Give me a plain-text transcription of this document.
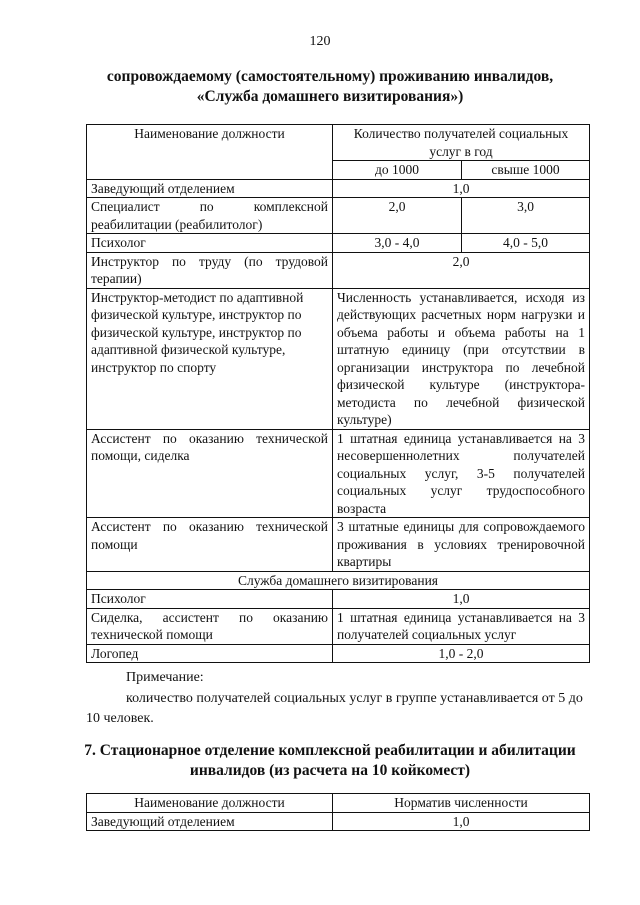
120
сопровождаемому (самостоятельному) проживанию инвалидов,
«Служба домашнего визитирования»)
Наименование должности	Количество получателей социальных услуг в год	
	до 1000	свыше 1000
Заведующий отделением	1,0	
Специалист по комплексной реабилитации (реабилитолог)	2,0	3,0
Психолог	3,0 - 4,0	4,0 - 5,0
Инструктор по труду (по трудовой терапии)	2,0	
Инструктор-методист по адаптивной физической культуре, инструктор по физической культуре, инструктор по адаптивной физической культуре, инструктор по спорту	Численность устанавливается, исходя из действующих расчетных норм нагрузки и объема работы и объема работы на 1 штатную единицу (при отсутствии в организации инструктора по лечебной физической культуре (инструктора-методиста по лечебной физической культуре)	
Ассистент по оказанию технической помощи, сиделка	1 штатная единица устанавливается на 3 несовершеннолетних получателей социальных услуг, 3-5 получателей социальных услуг трудоспособного возраста	
Ассистент по оказанию технической помощи	3 штатные единицы для сопровождаемого проживания в условиях тренировочной квартиры	
Служба домашнего визитирования		
Психолог	1,0	
Сиделка, ассистент по оказанию технической помощи	1 штатная единица устанавливается на 3 получателей социальных услуг	
Логопед	1,0 - 2,0	
Примечание:
количество получателей социальных услуг в группе устанавливается от 5 до 10 человек.
7. Стационарное отделение комплексной реабилитации и абилитации
инвалидов (из расчета на 10 койкомест)
Наименование должности	Норматив численности
Заведующий отделением	1,0
